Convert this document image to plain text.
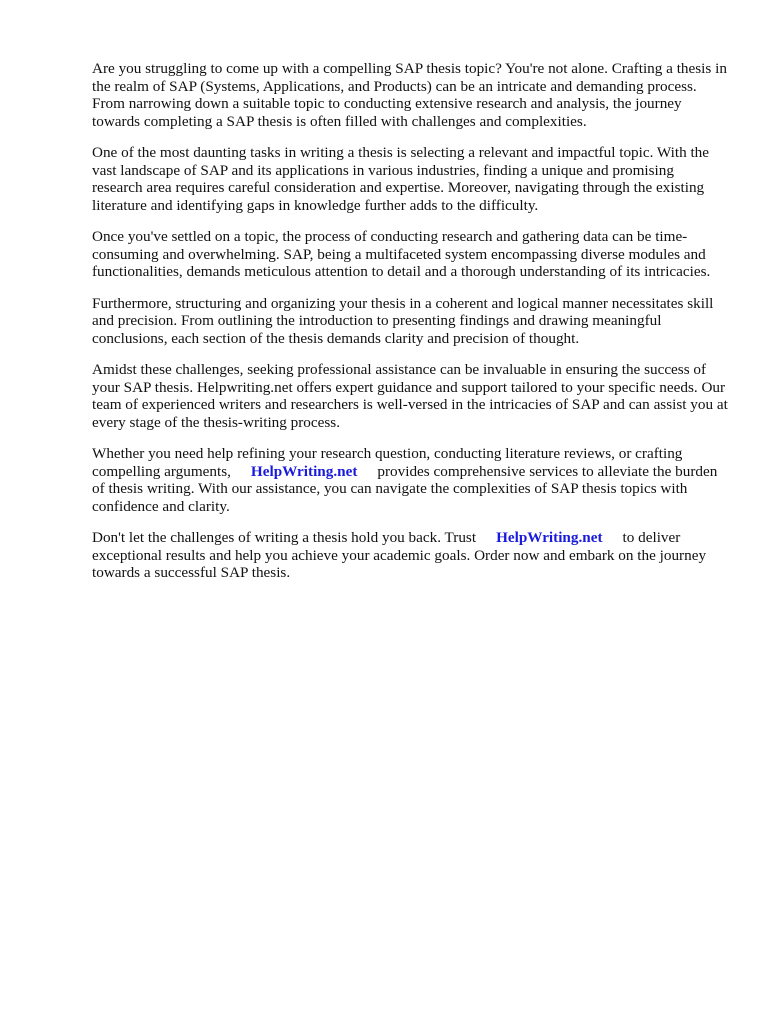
Are you struggling to come up with a compelling SAP thesis topic? You're not alone. Crafting a thesis in the realm of SAP (Systems, Applications, and Products) can be an intricate and demanding process. From narrowing down a suitable topic to conducting extensive research and analysis, the journey towards completing a SAP thesis is often filled with challenges and complexities.

One of the most daunting tasks in writing a thesis is selecting a relevant and impactful topic. With the vast landscape of SAP and its applications in various industries, finding a unique and promising research area requires careful consideration and expertise. Moreover, navigating through the existing literature and identifying gaps in knowledge further adds to the difficulty.

Once you've settled on a topic, the process of conducting research and gathering data can be time-consuming and overwhelming. SAP, being a multifaceted system encompassing diverse modules and functionalities, demands meticulous attention to detail and a thorough understanding of its intricacies.

Furthermore, structuring and organizing your thesis in a coherent and logical manner necessitates skill and precision. From outlining the introduction to presenting findings and drawing meaningful conclusions, each section of the thesis demands clarity and precision of thought.

Amidst these challenges, seeking professional assistance can be invaluable in ensuring the success of your SAP thesis. Helpwriting.net offers expert guidance and support tailored to your specific needs. Our team of experienced writers and researchers is well-versed in the intricacies of SAP and can assist you at every stage of the thesis-writing process.

Whether you need help refining your research question, conducting literature reviews, or crafting compelling arguments, HelpWriting.net provides comprehensive services to alleviate the burden of thesis writing. With our assistance, you can navigate the complexities of SAP thesis topics with confidence and clarity.

Don't let the challenges of writing a thesis hold you back. Trust HelpWriting.net to deliver exceptional results and help you achieve your academic goals. Order now and embark on the journey towards a successful SAP thesis.
